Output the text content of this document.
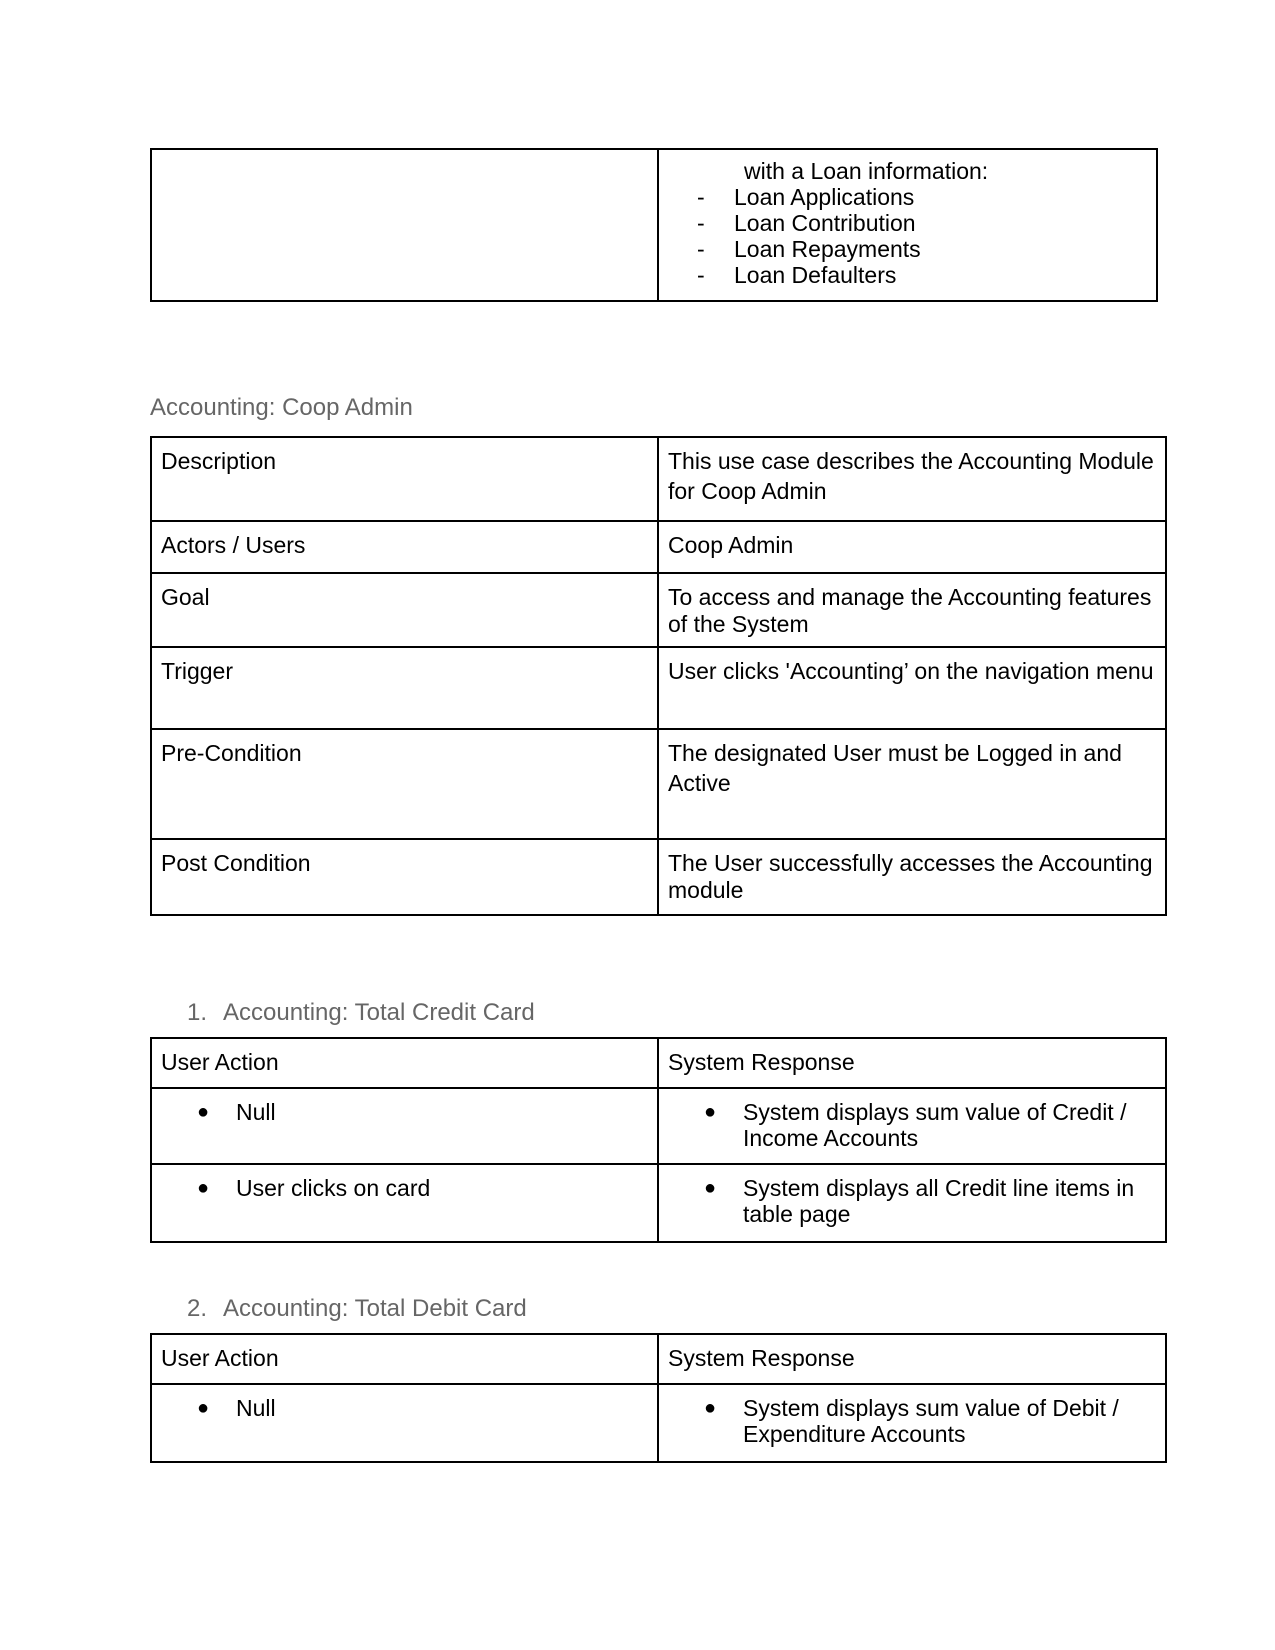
with a Loan information:
- Loan Applications
- Loan Contribution
- Loan Repayments
- Loan Defaulters
Accounting: Coop Admin
Description	This use case describes the Accounting Module for Coop Admin
Actors / Users	Coop Admin
Goal	To access and manage the Accounting features of the System
Trigger	User clicks 'Accounting’ on the navigation menu
Pre-Condition	The designated User must be Logged in and Active
Post Condition	The User successfully accesses the Accounting module
1. Accounting: Total Credit Card
User Action	System Response

● Null	● System displays sum value of Credit / Income Accounts

● User clicks on card	● System displays all Credit line items in table page
2. Accounting: Total Debit Card
User Action	System Response

● Null	● System displays sum value of Debit / Expenditure Accounts
